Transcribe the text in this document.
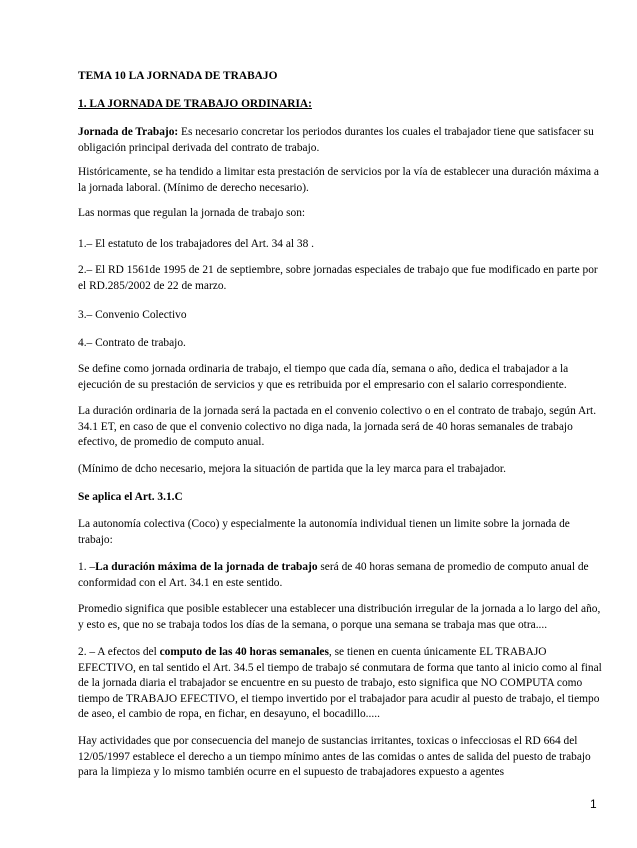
TEMA 10 LA JORNADA DE TRABAJO

1. LA JORNADA DE TRABAJO ORDINARIA:

Jornada de Trabajo: Es necesario concretar los periodos durantes los cuales el trabajador tiene que satisfacer su obligación principal derivada del contrato de trabajo.

Históricamente, se ha tendido a limitar esta prestación de servicios por la vía de establecer una duración máxima a la jornada laboral. (Mínimo de derecho necesario).

Las normas que regulan la jornada de trabajo son:

1.– El estatuto de los trabajadores del Art. 34 al 38 .

2.– El RD 1561de 1995 de 21 de septiembre, sobre jornadas especiales de trabajo que fue modificado en parte por el RD.285/2002 de 22 de marzo.

3.– Convenio Colectivo

4.– Contrato de trabajo.

Se define como jornada ordinaria de trabajo, el tiempo que cada día, semana o año, dedica el trabajador a la ejecución de su prestación de servicios y que es retribuida por el empresario con el salario correspondiente.

La duración ordinaria de la jornada será la pactada en el convenio colectivo o en el contrato de trabajo, según Art. 34.1 ET, en caso de que el convenio colectivo no diga nada, la jornada será de 40 horas semanales de trabajo efectivo, de promedio de computo anual.

(Mínimo de dcho necesario, mejora la situación de partida que la ley marca para el trabajador.

Se aplica el Art. 3.1.C

La autonomía colectiva (Coco) y especialmente la autonomía individual tienen un limite sobre la jornada de trabajo:

1. –La duración máxima de la jornada de trabajo será de 40 horas semana de promedio de computo anual de conformidad con el Art. 34.1 en este sentido.

Promedio significa que posible establecer una establecer una distribución irregular de la jornada a lo largo del año, y esto es, que no se trabaja todos los días de la semana, o porque una semana se trabaja mas que otra....

2. – A efectos del computo de las 40 horas semanales, se tienen en cuenta únicamente EL TRABAJO EFECTIVO, en tal sentido el Art. 34.5 el tiempo de trabajo sé conmutara de forma que tanto al inicio como al final de la jornada diaria el trabajador se encuentre en su puesto de trabajo, esto significa que NO COMPUTA como tiempo de TRABAJO EFECTIVO, el tiempo invertido por el trabajador para acudir al puesto de trabajo, el tiempo de aseo, el cambio de ropa, en fichar, en desayuno, el bocadillo.....

Hay actividades que por consecuencia del manejo de sustancias irritantes, toxicas o infecciosas el RD 664 del 12/05/1997 establece el derecho a un tiempo mínimo antes de las comidas o antes de salida del puesto de trabajo para la limpieza y lo mismo también ocurre en el supuesto de trabajadores expuesto a agentes

1
